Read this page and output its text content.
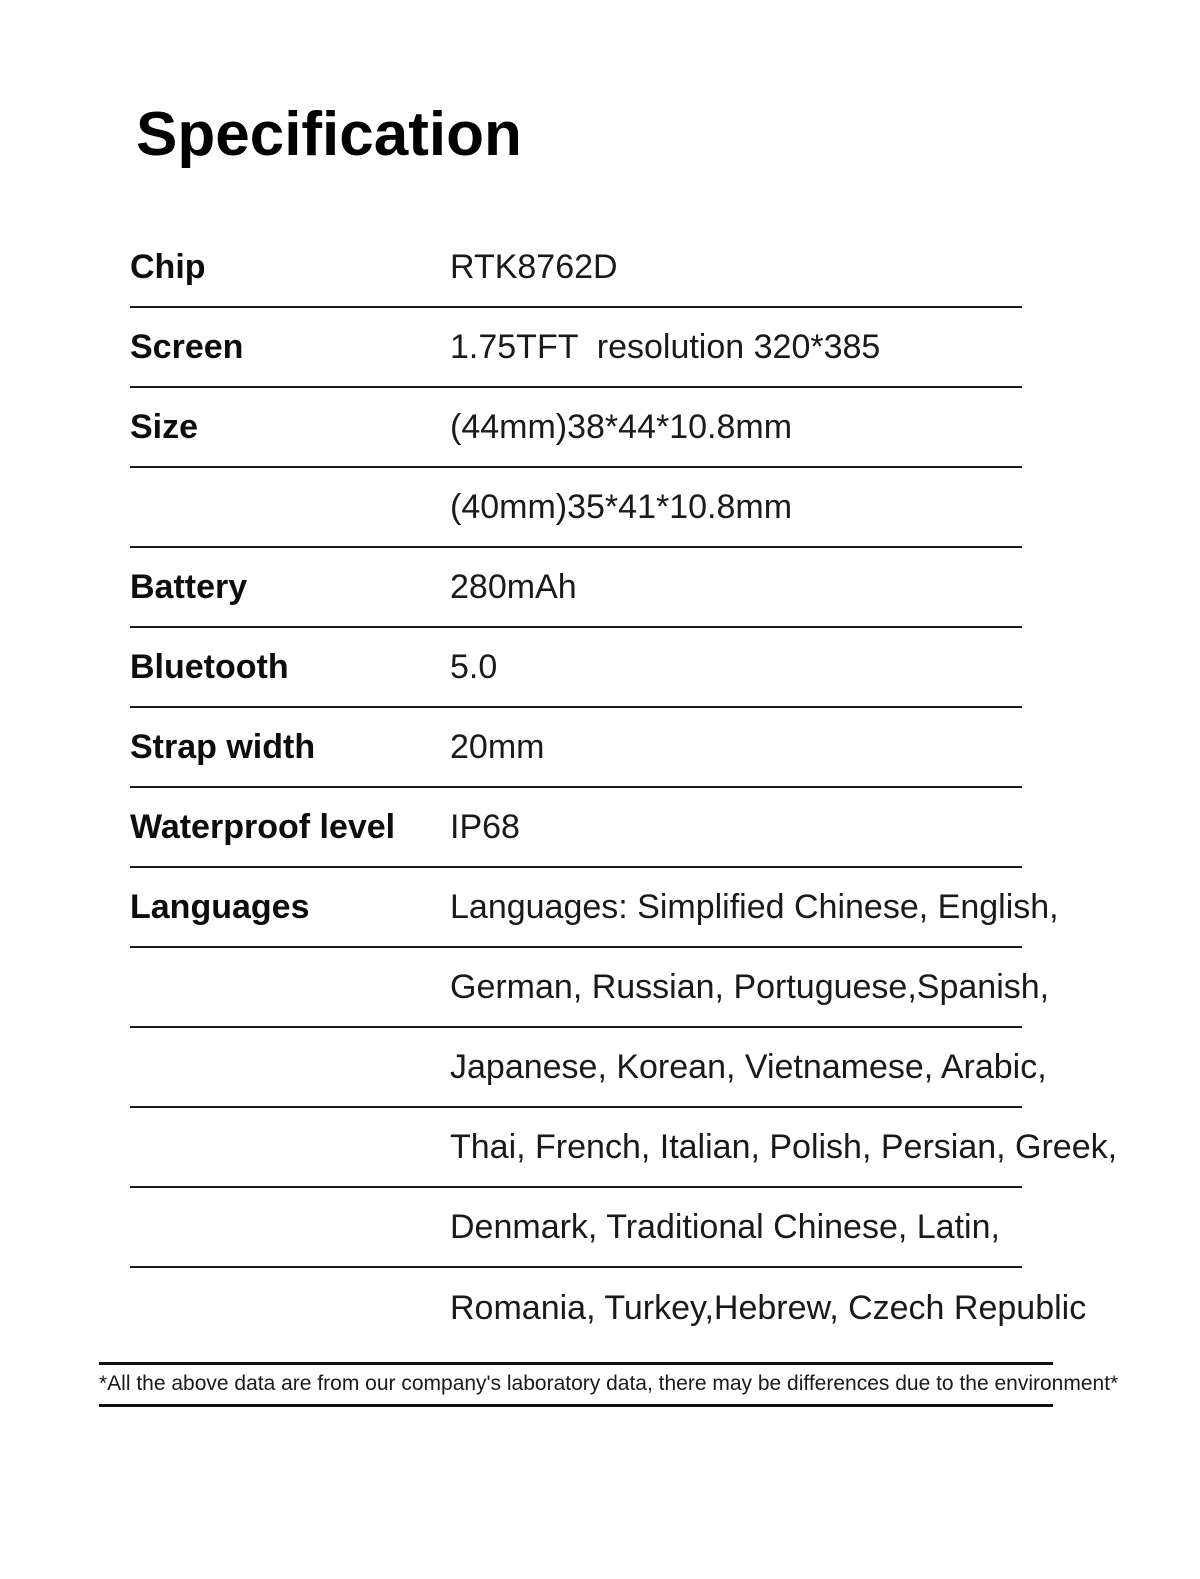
Specification
Chip	RTK8762D
Screen	1.75TFT  resolution 320*385
Size	(44mm)38*44*10.8mm
(40mm)35*41*10.8mm
Battery	280mAh
Bluetooth	5.0
Strap width	20mm
Waterproof level	IP68
Languages	Languages: Simplified Chinese, English,
German, Russian, Portuguese,Spanish,
Japanese, Korean, Vietnamese, Arabic,
Thai, French, Italian, Polish, Persian, Greek,
Denmark, Traditional Chinese, Latin,
Romania, Turkey,Hebrew, Czech Republic
*All the above data are from our company's laboratory data, there may be differences due to the environment*
